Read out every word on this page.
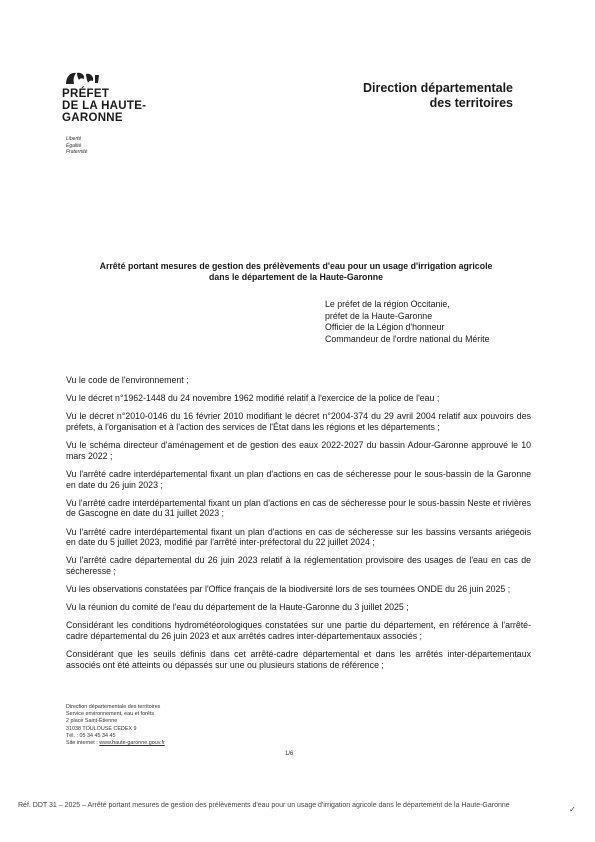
PRÉFET
DE LA HAUTE-
GARONNE
Liberté
Égalité
Fraternité
Direction départementale
des territoires
Arrêté portant mesures de gestion des prélèvements d'eau pour un usage d'irrigation agricole
dans le département de la Haute-Garonne
Le préfet de la région Occitanie,
préfet de la Haute-Garonne
Officier de la Légion d'honneur
Commandeur de l'ordre national du Mérite

Vu le code de l'environnement ;

Vu le décret n°1962-1448 du 24 novembre 1962 modifié relatif à l'exercice de la police de l'eau ;

Vu le décret n°2010-0146 du 16 février 2010 modifiant le décret n°2004-374 du 29 avril 2004 relatif aux pouvoirs des préfets, à l'organisation et à l'action des services de l'État dans les régions et les départements ;

Vu le schéma directeur d'aménagement et de gestion des eaux 2022-2027 du bassin Adour-Garonne approuvé le 10 mars 2022 ;

Vu l'arrêté cadre interdépartemental fixant un plan d'actions en cas de sécheresse pour le sous-bassin de la Garonne en date du 26 juin 2023 ;

Vu l'arrêté cadre interdépartemental fixant un plan d'actions en cas de sécheresse pour le sous-bassin Neste et rivières de Gascogne en date du 31 juillet 2023 ;

Vu l'arrêté cadre interdépartemental fixant un plan d'actions en cas de sécheresse sur les bassins versants ariégeois en date du 5 juillet 2023, modifié par l'arrêté inter-préfectoral du 22 juillet 2024 ;

Vu l'arrêté cadre départemental du 26 juin 2023 relatif à la réglementation provisoire des usages de l'eau en cas de sécheresse ;

Vu les observations constatées par l'Office français de la biodiversité lors de ses tournées ONDE du 26 juin 2025 ;

Vu la réunion du comité de l'eau du département de la Haute-Garonne du 3 juillet 2025 ;

Considérant les conditions hydrométéorologiques constatées sur une partie du département, en référence à l'arrêté-cadre départemental du 26 juin 2023 et aux arrêtés cadres inter-départementaux associés ;

Considérant que les seuils définis dans cet arrêté-cadre départemental et dans les arrêtés inter-départementaux associés ont été atteints ou dépassés sur une ou plusieurs stations de référence ;

Direction départementale des territoires
Service environnement, eau et forêts
2 place Saint-Étienne
31038 TOULOUSE CEDEX 9
Tél. : 05 34 45 34 45
Site internet : www.haute-garonne.gouv.fr
1/6
Réf. DDT 31 – 2025 – Arrêté portant mesures de gestion des prélèvements d'eau pour un usage d'irrigation agricole dans le département de la Haute-Garonne	✓
